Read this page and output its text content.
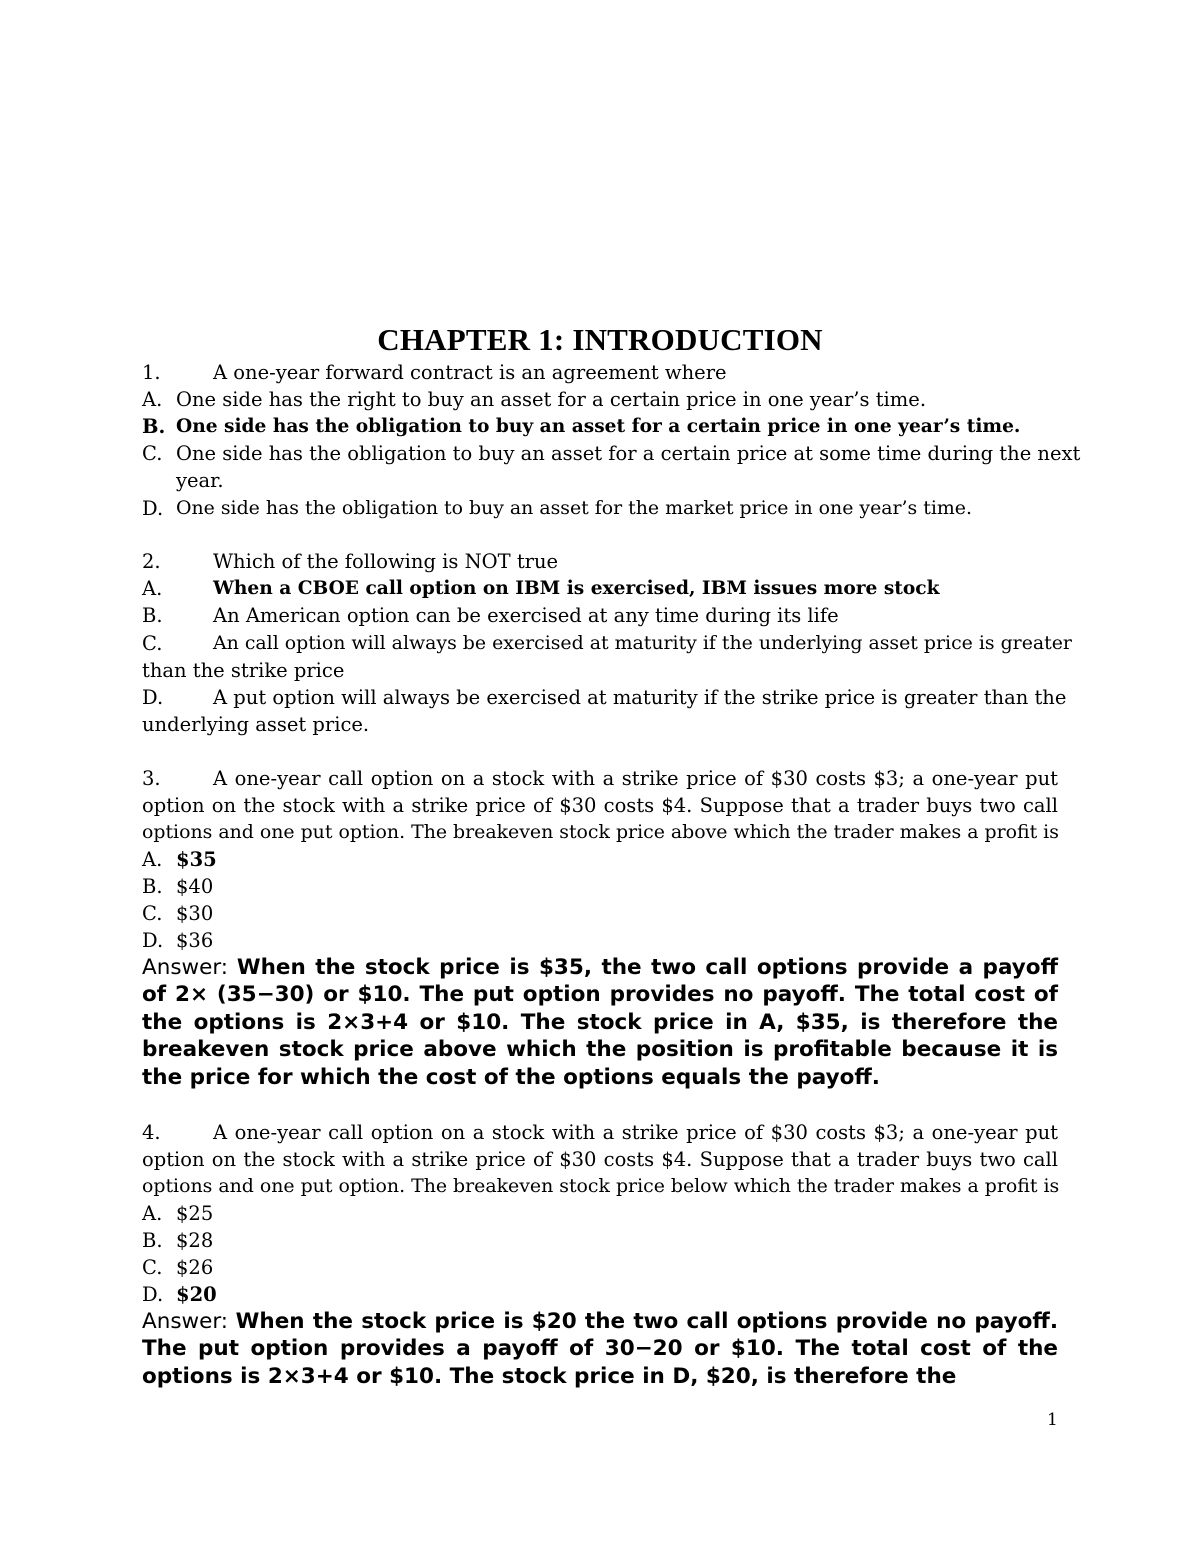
CHAPTER 1: INTRODUCTION
1.	A one-year forward contract is an agreement where
A. One side has the right to buy an asset for a certain price in one year’s time.
B. One side has the obligation to buy an asset for a certain price in one year’s time.
C. One side has the obligation to buy an asset for a certain price at some time during the next
year.
D. One side has the obligation to buy an asset for the market price in one year’s time.
2.	Which of the following is NOT true
A.	When a CBOE call option on IBM is exercised, IBM issues more stock
B.	An American option can be exercised at any time during its life
C.	An call option will always be exercised at maturity if the underlying asset price is greater
than the strike price
D.	A put option will always be exercised at maturity if the strike price is greater than the
underlying asset price.
3.	A one-year call option on a stock with a strike price of $30 costs $3; a one-year put
option on the stock with a strike price of $30 costs $4. Suppose that a trader buys two call
options and one put option. The breakeven stock price above which the trader makes a profit is
A. $35
B. $40
C. $30
D. $36
Answer: When the stock price is $35, the two call options provide a payoff of 2× (35−30) or $10. The put option provides no payoff. The total cost of the options is 2×3+4 or $10. The stock price in A, $35, is therefore the breakeven stock price above which the position is profitable because it is the price for which the cost of the options equals the payoff.
4.	A one-year call option on a stock with a strike price of $30 costs $3; a one-year put
option on the stock with a strike price of $30 costs $4. Suppose that a trader buys two call
options and one put option. The breakeven stock price below which the trader makes a profit is
A. $25
B. $28
C. $26
D. $20
Answer: When the stock price is $20 the two call options provide no payoff. The put option provides a payoff of 30−20 or $10. The total cost of the options is 2×3+4 or $10. The stock price in D, $20, is therefore the
1
